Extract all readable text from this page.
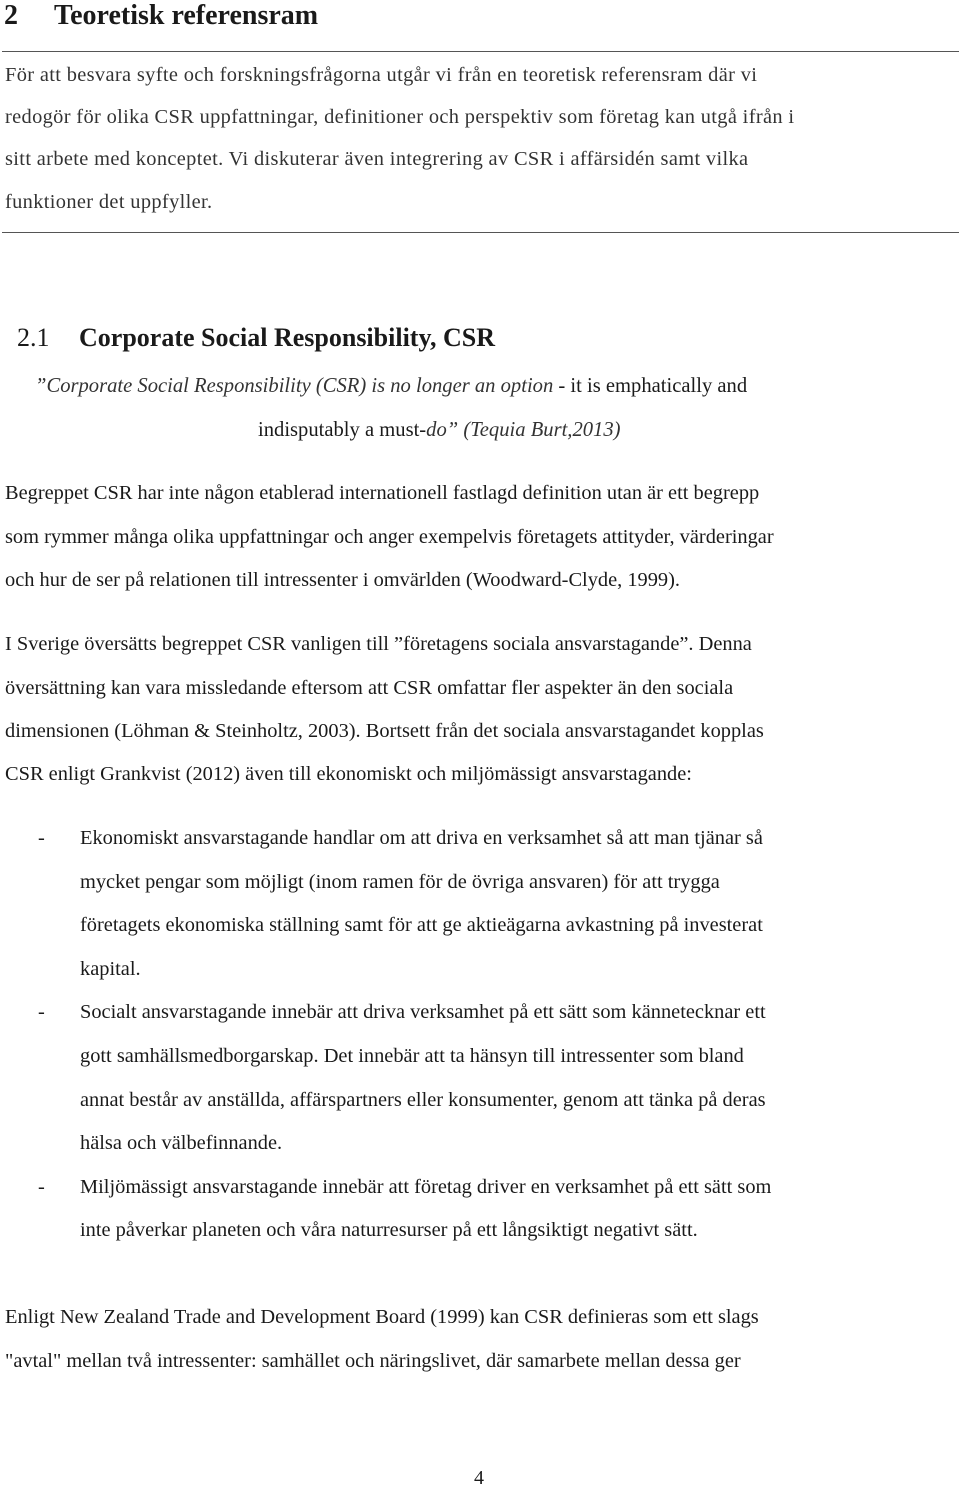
2 Teoretisk referensram
För att besvara syfte och forskningsfrågorna utgår vi från en teoretisk referensram där vi
redogör för olika CSR uppfattningar, definitioner och perspektiv som företag kan utgå ifrån i
sitt arbete med konceptet. Vi diskuterar även integrering av CSR i affärsidén samt vilka
funktioner det uppfyller.
2.1 Corporate Social Responsibility, CSR
”Corporate Social Responsibility (CSR) is no longer an option - it is emphatically and
indisputably a must-do” (Tequia Burt,2013)
Begreppet CSR har inte någon etablerad internationell fastlagd definition utan är ett begrepp
som rymmer många olika uppfattningar och anger exempelvis företagets attityder, värderingar
och hur de ser på relationen till intressenter i omvärlden (Woodward-Clyde, 1999).
I Sverige översätts begreppet CSR vanligen till ”företagens sociala ansvarstagande”. Denna
översättning kan vara missledande eftersom att CSR omfattar fler aspekter än den sociala
dimensionen (Löhman & Steinholtz, 2003). Bortsett från det sociala ansvarstagandet kopplas
CSR enligt Grankvist (2012) även till ekonomiskt och miljömässigt ansvarstagande:
- Ekonomiskt ansvarstagande handlar om att driva en verksamhet så att man tjänar så
mycket pengar som möjligt (inom ramen för de övriga ansvaren) för att trygga
företagets ekonomiska ställning samt för att ge aktieägarna avkastning på investerat
kapital.
- Socialt ansvarstagande innebär att driva verksamhet på ett sätt som kännetecknar ett
gott samhällsmedborgarskap. Det innebär att ta hänsyn till intressenter som bland
annat består av anställda, affärspartners eller konsumenter, genom att tänka på deras
hälsa och välbefinnande.
- Miljömässigt ansvarstagande innebär att företag driver en verksamhet på ett sätt som
inte påverkar planeten och våra naturresurser på ett långsiktigt negativt sätt.
Enligt New Zealand Trade and Development Board (1999) kan CSR definieras som ett slags
"avtal" mellan två intressenter: samhället och näringslivet, där samarbete mellan dessa ger
4
